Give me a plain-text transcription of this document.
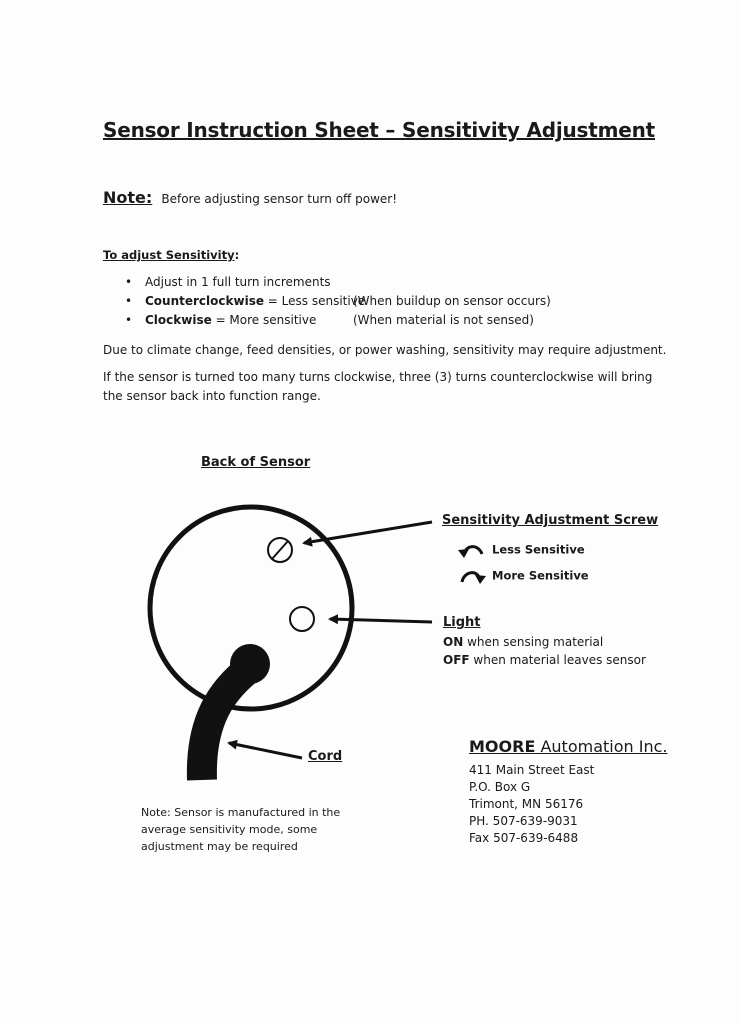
Sensor Instruction Sheet – Sensitivity Adjustment
Note: Before adjusting sensor turn off power!
To adjust Sensitivity:
• Adjust in 1 full turn increments
• Counterclockwise = Less sensitive
(When buildup on sensor occurs)
• Clockwise = More sensitive	(When material is not sensed)
Due to climate change, feed densities, or power washing, sensitivity may require adjustment.
If the sensor is turned too many turns clockwise, three (3) turns counterclockwise will bring the sensor back into function range.
Back of Sensor
Sensitivity Adjustment Screw
Less Sensitive
More Sensitive
Light
ON when sensing material
OFF when material leaves sensor
Cord
MOORE Automation Inc.
411 Main Street East
P.O. Box G
Trimont, MN 56176
PH. 507-639-9031
Fax 507-639-6488
Note: Sensor is manufactured in the average sensitivity mode, some adjustment may be required
